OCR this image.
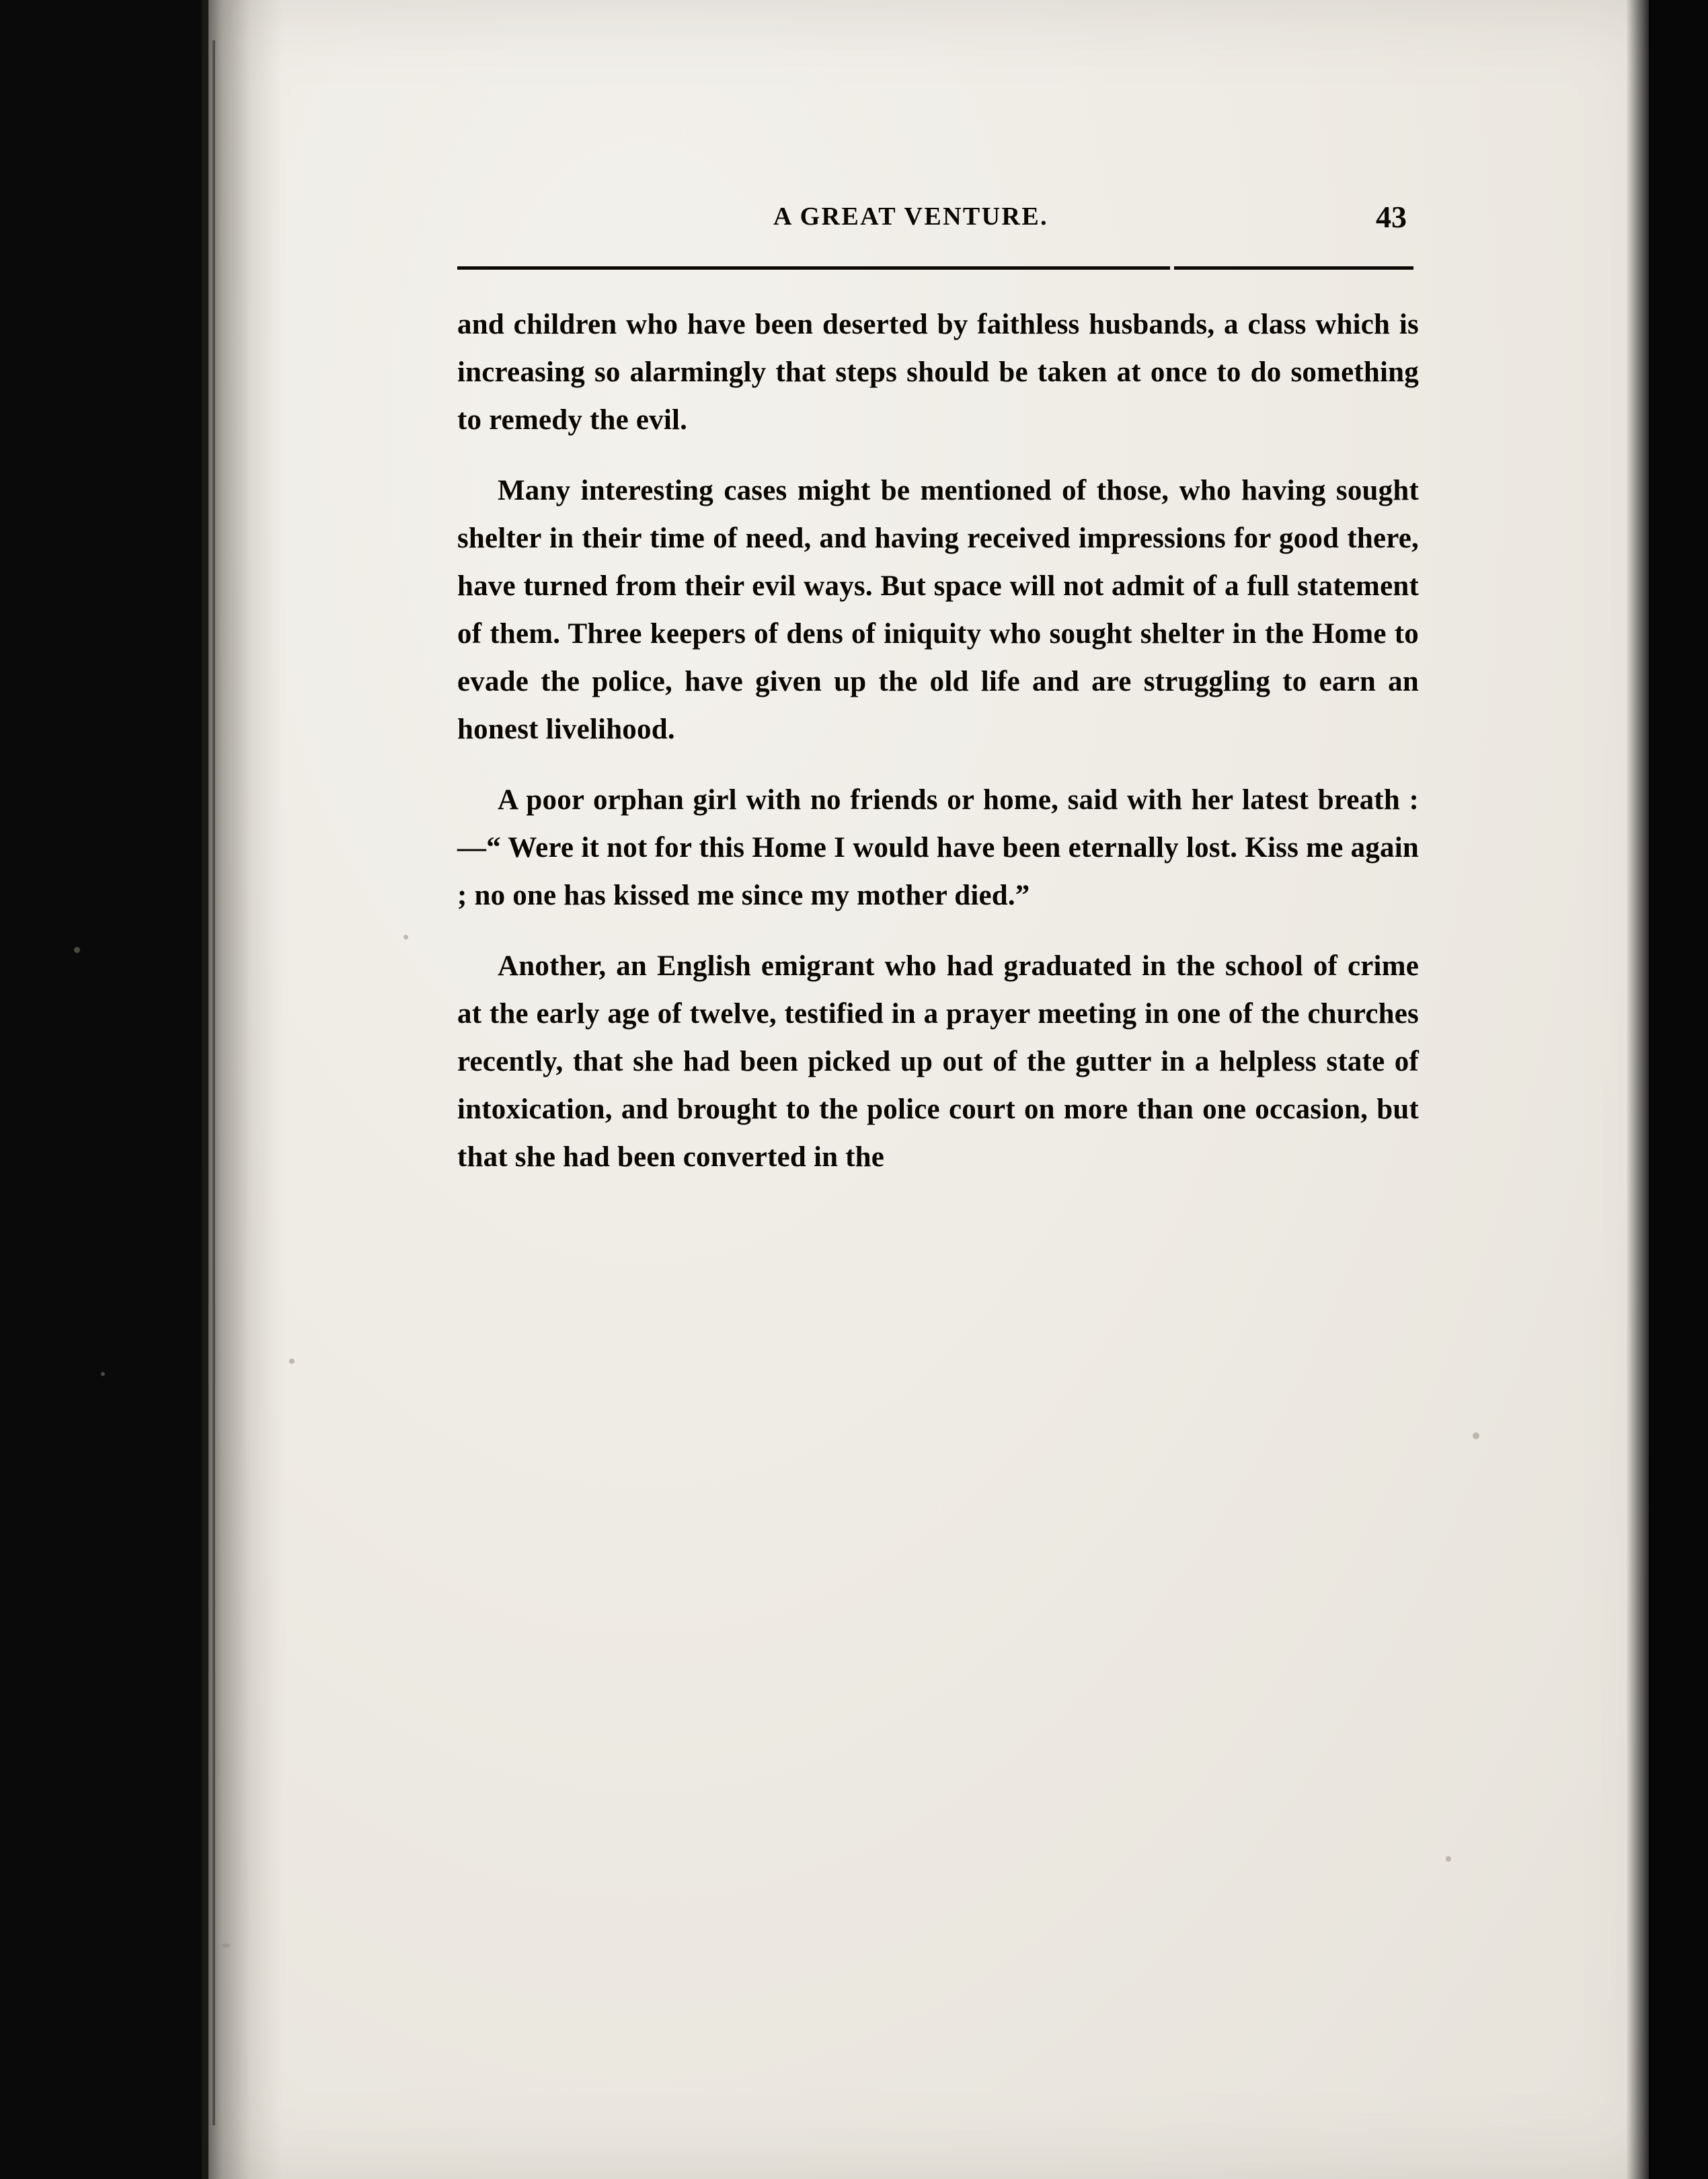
A GREAT VENTURE.	43

and children who have been deserted by faithless husbands, a class which is increasing so alarmingly that steps should be taken at once to do something to remedy the evil.

Many interesting cases might be mentioned of those, who having sought shelter in their time of need, and having received impressions for good there, have turned from their evil ways. But space will not admit of a full statement of them. Three keepers of dens of iniquity who sought shelter in the Home to evade the police, have given up the old life and are struggling to earn an honest livelihood.

A poor orphan girl with no friends or home, said with her latest breath :—“ Were it not for this Home I would have been eternally lost. Kiss me again ; no one has kissed me since my mother died.”

Another, an English emigrant who had graduated in the school of crime at the early age of twelve, testified in a prayer meeting in one of the churches recently, that she had been picked up out of the gutter in a helpless state of intoxication, and brought to the police court on more than one occasion, but that she had been converted in the
